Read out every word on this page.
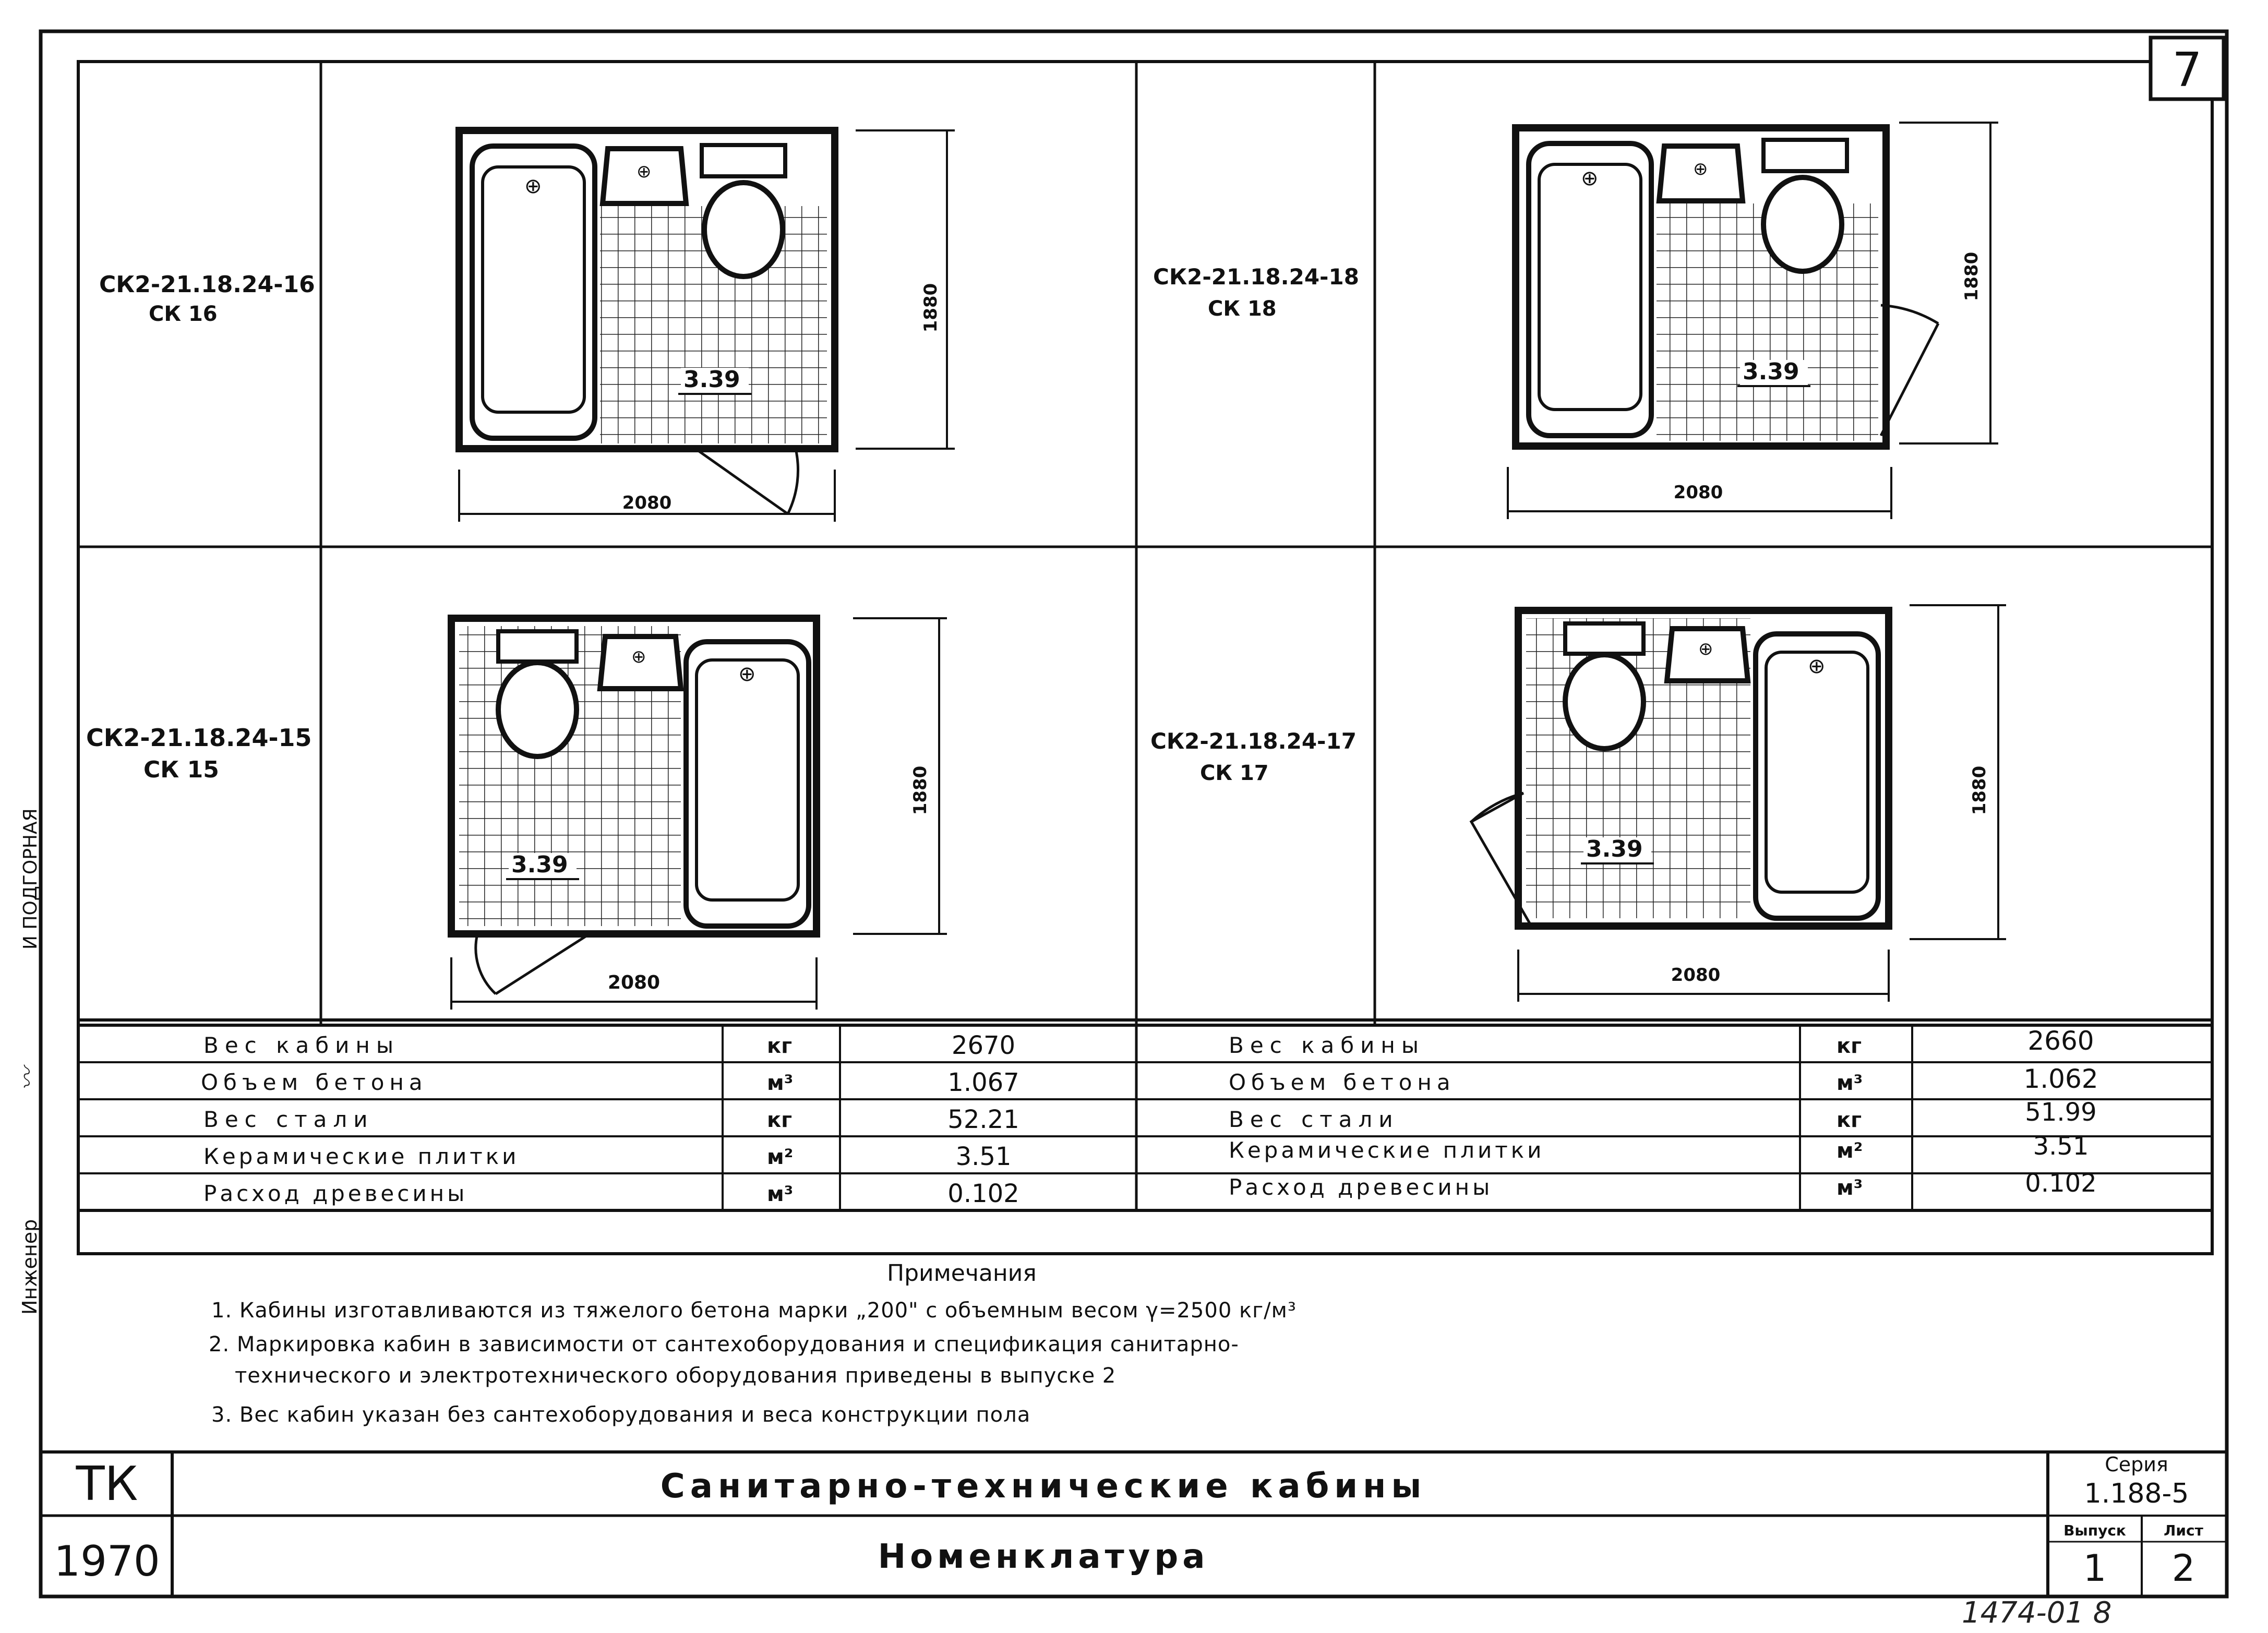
7
Инженер
〰
И ПОДГОРНАЯ
СК2-21.18.24-16
СК 16
⊕
⊕
3.39
2080
1880
СК2-21.18.24-18
СК 18
⊕	⊕
3.39
2080
1880
СК2-21.18.24-15
СК 15
⊕
⊕
3.39
2080
1880
СК2-21.18.24-17
СК 17
⊕
⊕
3.39
2080
1880
Вес кабины	кг	2670
Объем бетона	м³	1.067
Вес стали	кг	52.21
Керамические плитки	м²	3.51
Расход древесины	м³	0.102
Вес кабины	кг	2660
Объем бетона	м³	1.062
Вес стали	кг	51.99
Керамические плитки	м²	3.51
Расход древесины	м³	0.102
Примечания
1. Кабины изготавливаются из тяжелого бетона марки „200" с объемным весом γ=2500 кг/м³
2. Маркировка кабин в зависимости от сантехоборудования и спецификация санитарно-
технического и электротехнического оборудования приведены в выпуске 2
3. Вес кабин указан без сантехоборудования и веса конструкции пола
ТК
1970
Санитарно-технические кабины
Номенклатура
Серия
1.188-5
Выпуск	Лист
1 2
1474-01 8
